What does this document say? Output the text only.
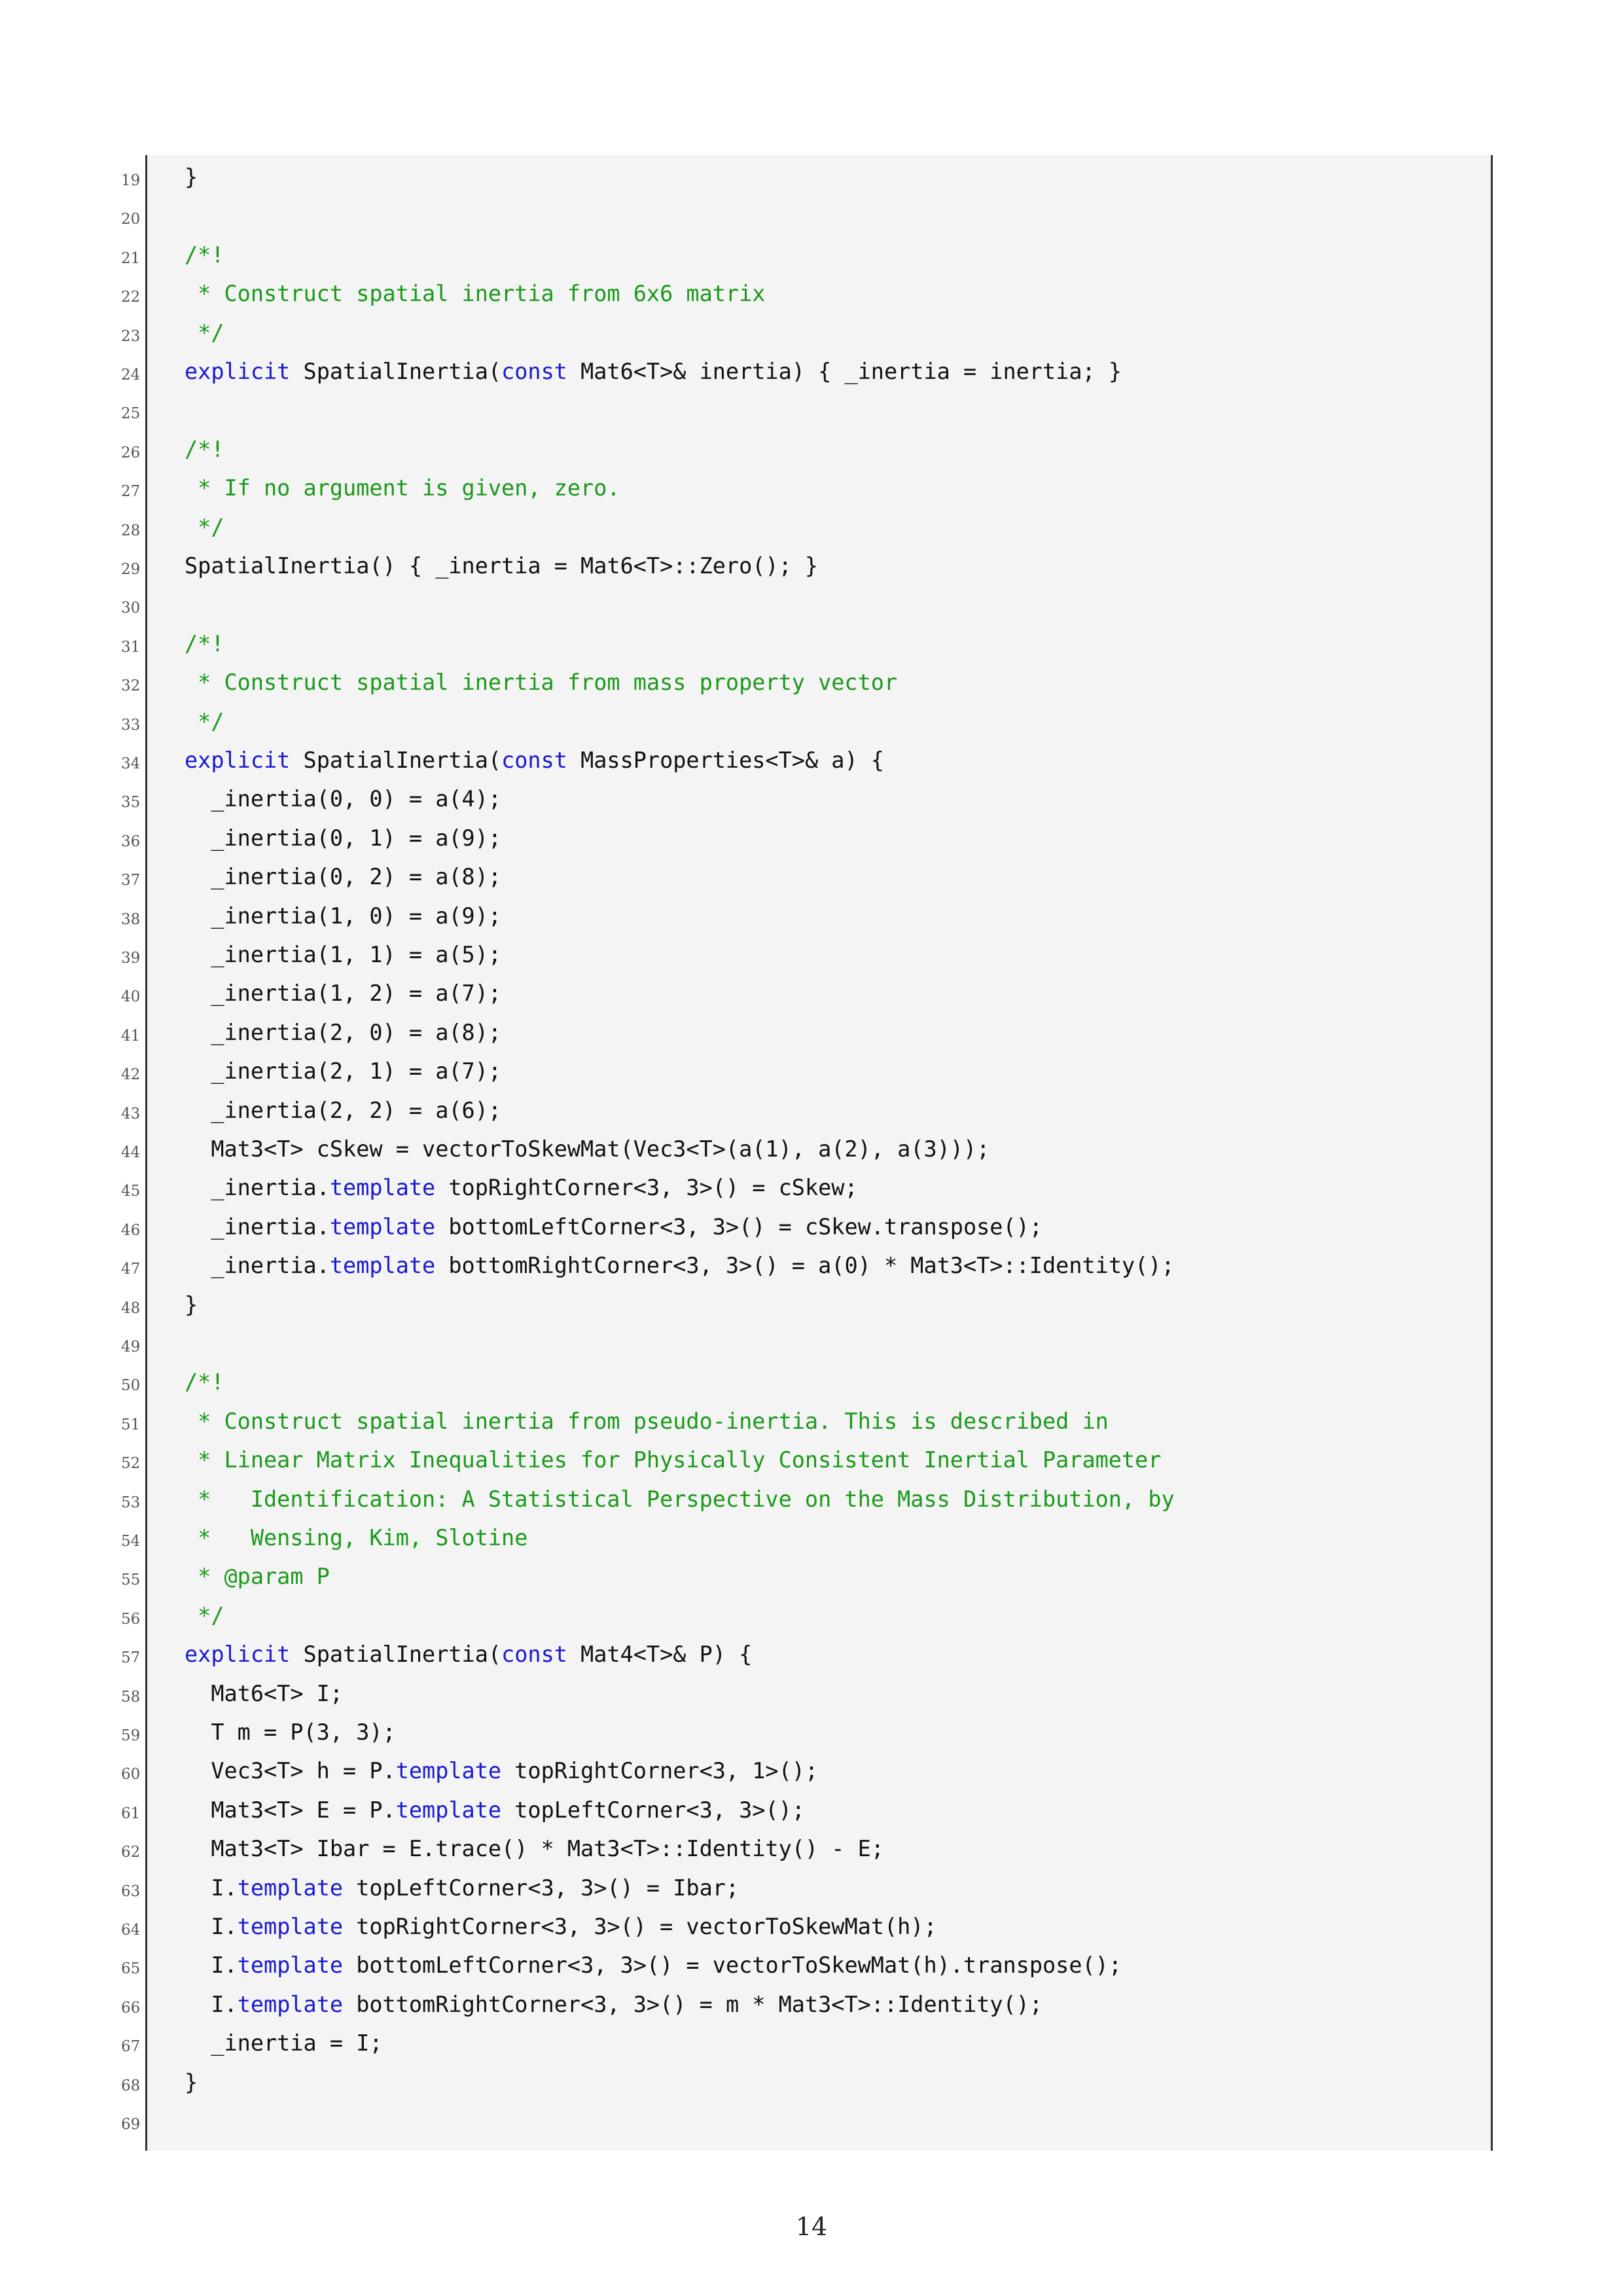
19 }
20
21 /*!
22 * Construct spatial inertia from 6x6 matrix
23 */
24 explicit SpatialInertia(const Mat6<T>& inertia) { _inertia = inertia; }
25
26 /*!
27 * If no argument is given, zero.
28 */
29 SpatialInertia() { _inertia = Mat6<T>::Zero(); }
30
31 /*!
32 * Construct spatial inertia from mass property vector
33 */
34 explicit SpatialInertia(const MassProperties<T>& a) {
35 _inertia(0, 0) = a(4);
36 _inertia(0, 1) = a(9);
37 _inertia(0, 2) = a(8);
38 _inertia(1, 0) = a(9);
39 _inertia(1, 1) = a(5);
40 _inertia(1, 2) = a(7);
41 _inertia(2, 0) = a(8);
42 _inertia(2, 1) = a(7);
43 _inertia(2, 2) = a(6);
44 Mat3<T> cSkew = vectorToSkewMat(Vec3<T>(a(1), a(2), a(3)));
45 _inertia.template topRightCorner<3, 3>() = cSkew;
46 _inertia.template bottomLeftCorner<3, 3>() = cSkew.transpose();
47 _inertia.template bottomRightCorner<3, 3>() = a(0) * Mat3<T>::Identity();
48 }
49
50 /*!
51 * Construct spatial inertia from pseudo-inertia. This is described in
52 * Linear Matrix Inequalities for Physically Consistent Inertial Parameter
53 *   Identification: A Statistical Perspective on the Mass Distribution, by
54 *   Wensing, Kim, Slotine
55 * @param P
56 */
57 explicit SpatialInertia(const Mat4<T>& P) {
58 Mat6<T> I;
59 T m = P(3, 3);
60 Vec3<T> h = P.template topRightCorner<3, 1>();
61 Mat3<T> E = P.template topLeftCorner<3, 3>();
62 Mat3<T> Ibar = E.trace() * Mat3<T>::Identity() - E;
63 I.template topLeftCorner<3, 3>() = Ibar;
64 I.template topRightCorner<3, 3>() = vectorToSkewMat(h);
65 I.template bottomLeftCorner<3, 3>() = vectorToSkewMat(h).transpose();
66 I.template bottomRightCorner<3, 3>() = m * Mat3<T>::Identity();
67 _inertia = I;
68 }
69
14
